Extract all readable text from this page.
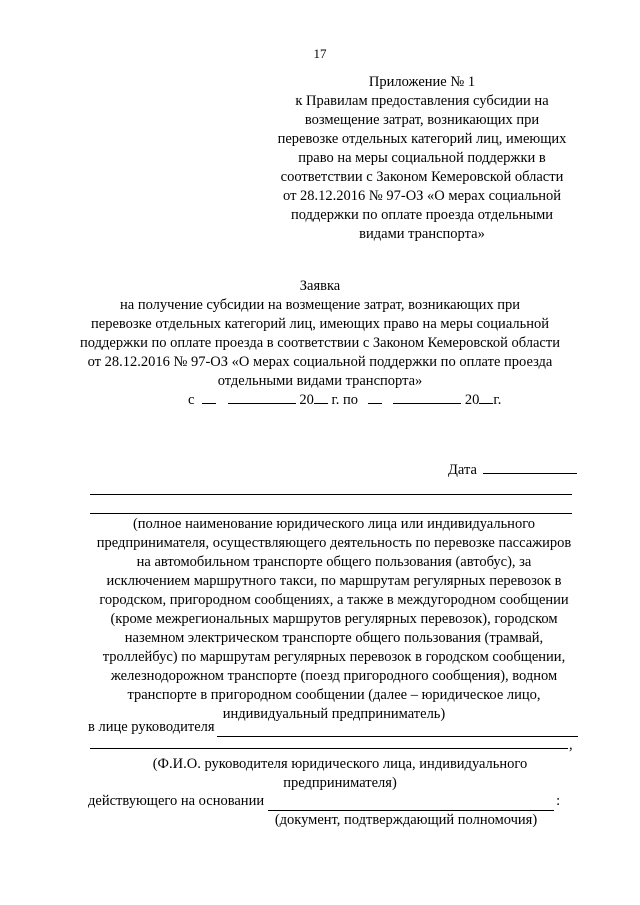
17
Приложение № 1
к Правилам предоставления субсидии на
возмещение затрат, возникающих при
перевозке отдельных категорий лиц, имеющих
право на меры социальной поддержки в
соответствии с Законом Кемеровской области
от 28.12.2016 № 97-ОЗ «О мерах социальной
поддержки по оплате проезда отдельными
видами транспорта»
Заявка
на получение субсидии на возмещение затрат, возникающих при
перевозке отдельных категорий лиц, имеющих право на меры социальной
поддержки по оплате проезда в соответствии с Законом Кемеровской области
от 28.12.2016 № 97-ОЗ «О мерах социальной поддержки по оплате проезда
отдельными видами транспорта»
с	20 г. по	20 г.
Дата
(полное наименование юридического лица или индивидуального
предпринимателя, осуществляющего деятельность по перевозке пассажиров
на автомобильном транспорте общего пользования (автобус), за
исключением маршрутного такси, по маршрутам регулярных перевозок в
городском, пригородном сообщениях, а также в междугородном сообщении
(кроме межрегиональных маршрутов регулярных перевозок), городском
наземном электрическом транспорте общего пользования (трамвай,
троллейбус) по маршрутам регулярных перевозок в городском сообщении,
железнодорожном транспорте (поезд пригородного сообщения), водном
транспорте в пригородном сообщении (далее – юридическое лицо,
индивидуальный предприниматель)
в лице руководителя
,
(Ф.И.О. руководителя юридического лица, индивидуального
предпринимателя)
действующего на основании	:
(документ, подтверждающий полномочия)
